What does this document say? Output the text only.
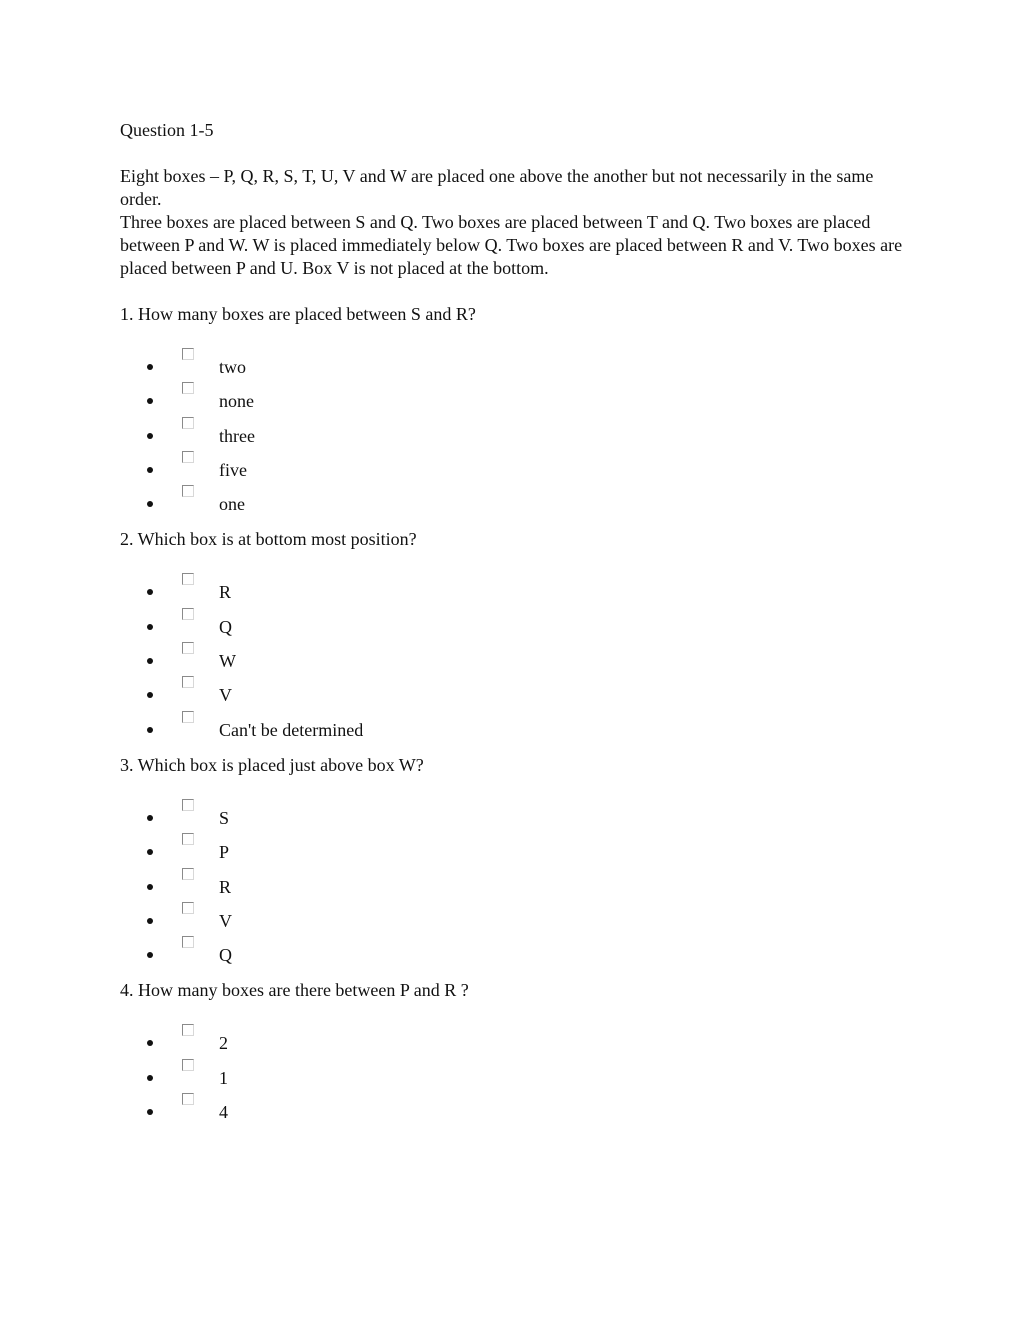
Question 1-5

Eight boxes – P, Q, R, S, T, U, V and W are placed one above the another but not necessarily in the same order.

Three boxes are placed between S and Q. Two boxes are placed between T and Q. Two boxes are placed between P and W. W is placed immediately below Q. Two boxes are placed between R and V. Two boxes are placed between P and U. Box V is not placed at the bottom.

1. How many boxes are placed between S and R?

two
none
three
five
one

2. Which box is at bottom most position?

R
Q
W
V
Can't be determined

3. Which box is placed just above box W?

S
P
R
V
Q

4. How many boxes are there between P and R ?

2
1
4
